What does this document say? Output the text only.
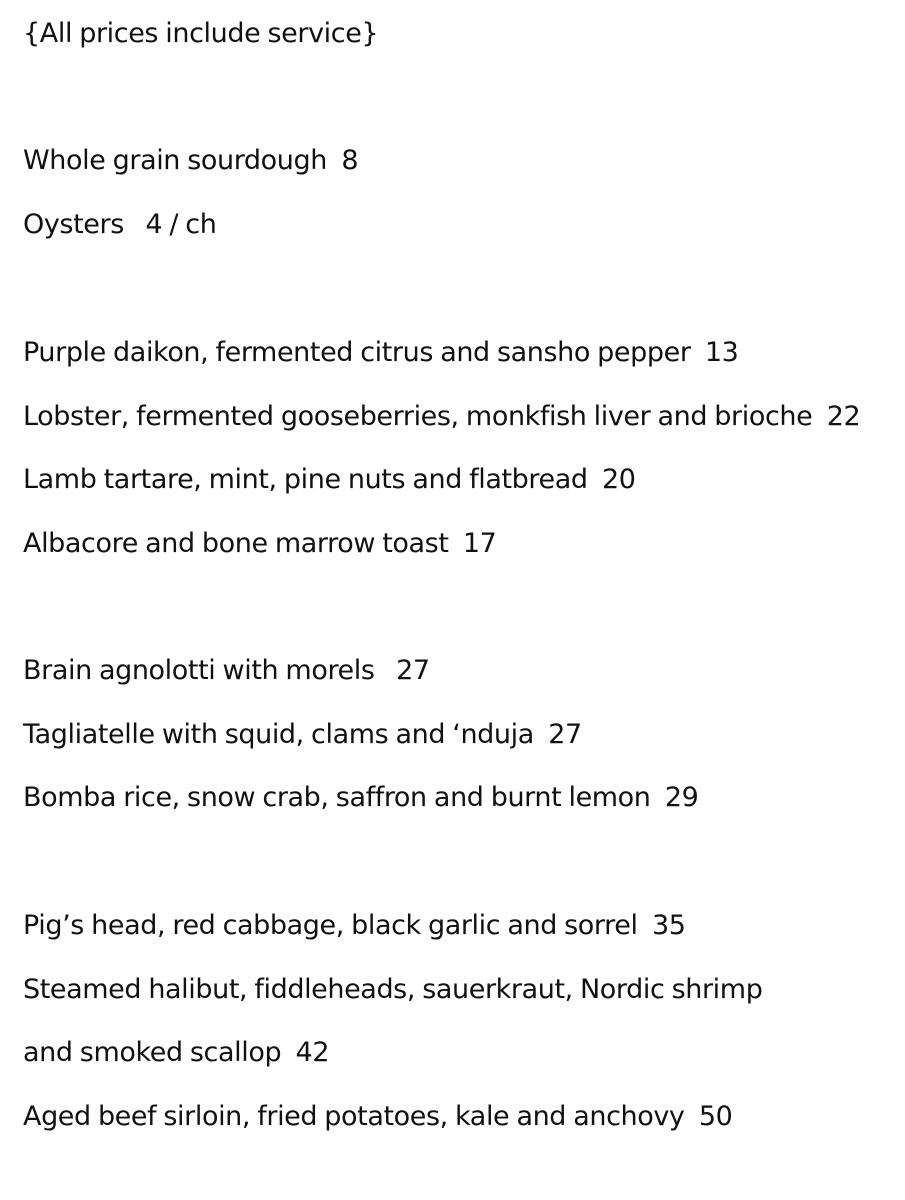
{All prices include service}

Whole grain sourdough  8

Oysters   4 / ch

Purple daikon, fermented citrus and sansho pepper  13

Lobster, fermented gooseberries, monkfish liver and brioche  22

Lamb tartare, mint, pine nuts and flatbread  20

Albacore and bone marrow toast  17

Brain agnolotti with morels   27

Tagliatelle with squid, clams and ‘nduja  27

Bomba rice, snow crab, saffron and burnt lemon  29

Pig’s head, red cabbage, black garlic and sorrel  35

Steamed halibut, fiddleheads, sauerkraut, Nordic shrimp

and smoked scallop  42

Aged beef sirloin, fried potatoes, kale and anchovy  50
